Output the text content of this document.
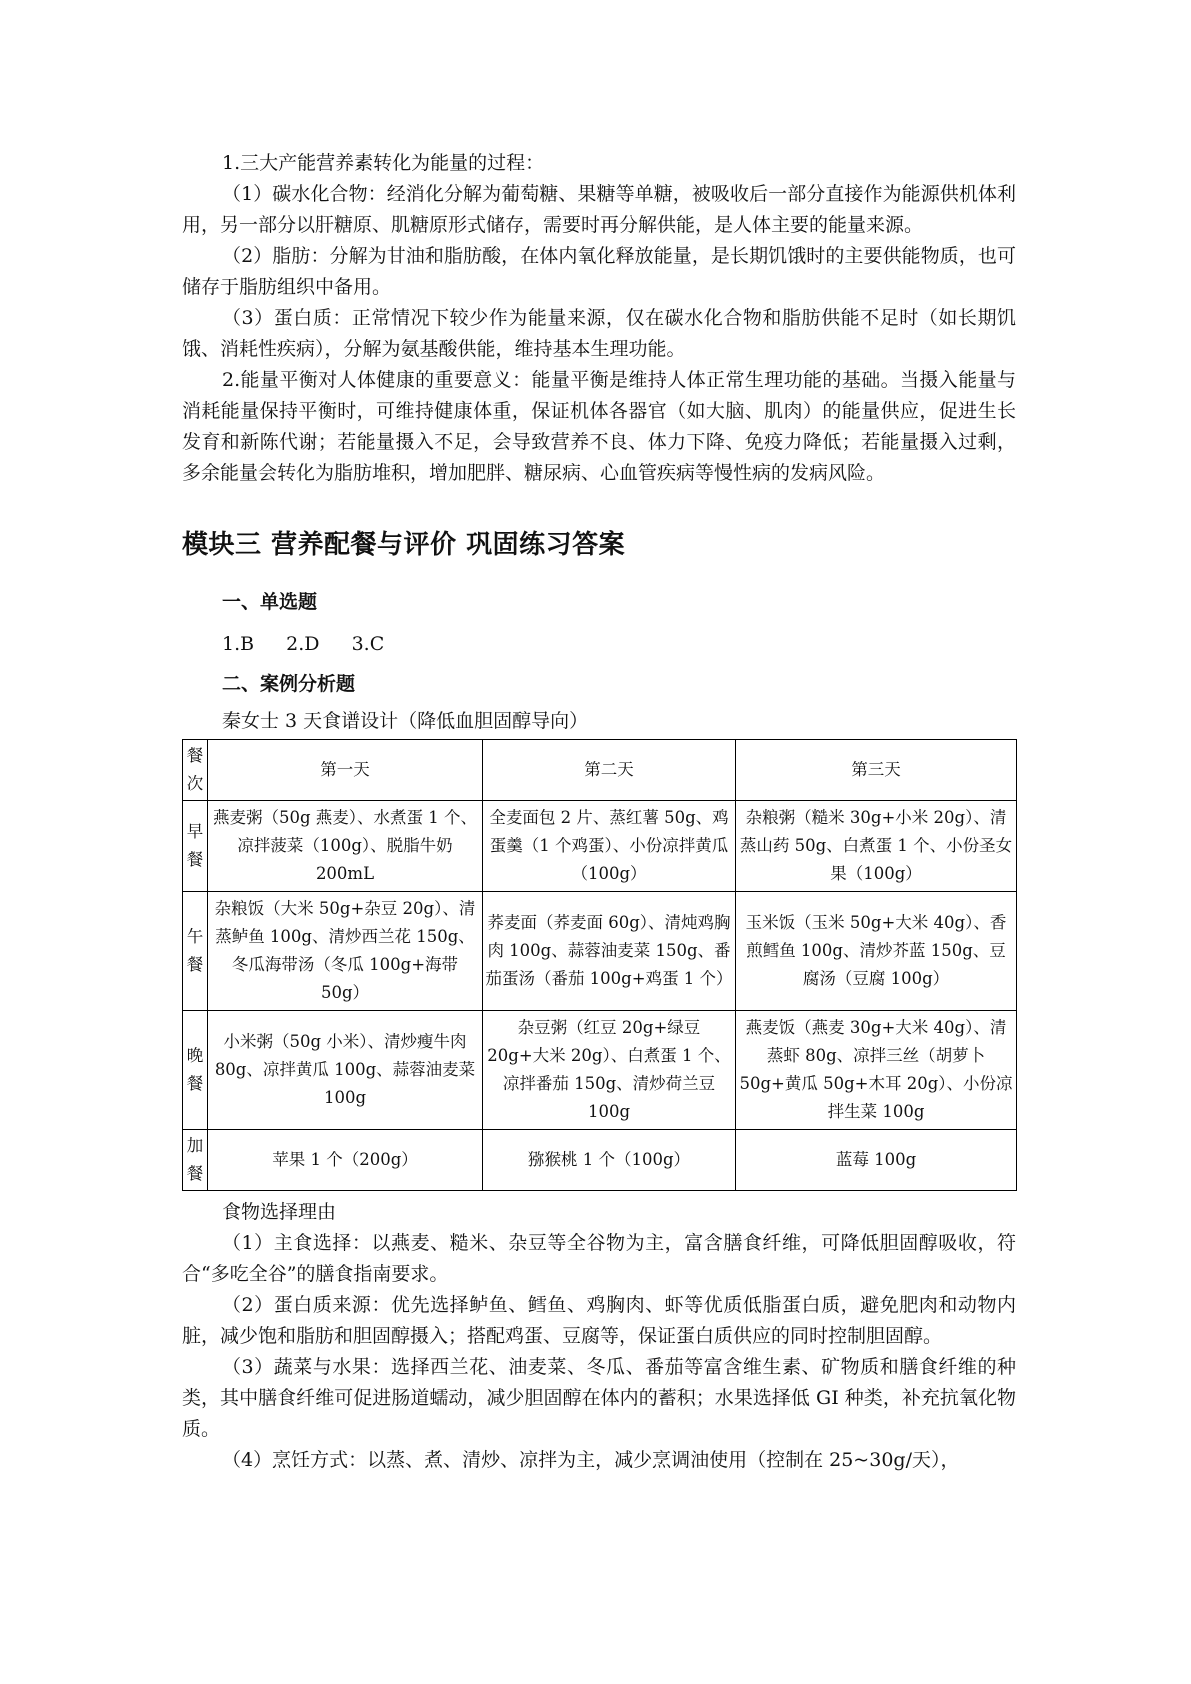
1.三大产能营养素转化为能量的过程：

（1）碳水化合物：经消化分解为葡萄糖、果糖等单糖，被吸收后一部分直接作为能源供机体利用，另一部分以肝糖原、肌糖原形式储存，需要时再分解供能，是人体主要的能量来源。

（2）脂肪：分解为甘油和脂肪酸，在体内氧化释放能量，是长期饥饿时的主要供能物质，也可储存于脂肪组织中备用。

（3）蛋白质：正常情况下较少作为能量来源，仅在碳水化合物和脂肪供能不足时（如长期饥饿、消耗性疾病），分解为氨基酸供能，维持基本生理功能。

2.能量平衡对人体健康的重要意义：能量平衡是维持人体正常生理功能的基础。当摄入能量与消耗能量保持平衡时，可维持健康体重，保证机体各器官（如大脑、肌肉）的能量供应，促进生长发育和新陈代谢；若能量摄入不足，会导致营养不良、体力下降、免疫力降低；若能量摄入过剩，多余能量会转化为脂肪堆积，增加肥胖、糖尿病、心血管疾病等慢性病的发病风险。

模块三 营养配餐与评价 巩固练习答案
一、单选题
1.B 2.D 3.C
二、案例分析题
秦女士 3 天食谱设计（降低血胆固醇导向）
餐次	第一天	第二天	第三天
早餐	燕麦粥（50g 燕麦）、水煮蛋 1 个、凉拌菠菜（100g）、脱脂牛奶 200mL	全麦面包 2 片、蒸红薯 50g、鸡蛋羹（1 个鸡蛋）、小份凉拌黄瓜（100g）	杂粮粥（糙米 30g+小米 20g）、清蒸山药 50g、白煮蛋 1 个、小份圣女果（100g）
午餐	杂粮饭（大米 50g+杂豆 20g）、清蒸鲈鱼 100g、清炒西兰花 150g、冬瓜海带汤（冬瓜 100g+海带 50g）	荞麦面（荞麦面 60g）、清炖鸡胸肉 100g、蒜蓉油麦菜 150g、番茄蛋汤（番茄 100g+鸡蛋 1 个）	玉米饭（玉米 50g+大米 40g）、香煎鳕鱼 100g、清炒芥蓝 150g、豆腐汤（豆腐 100g）
晚餐	小米粥（50g 小米）、清炒瘦牛肉 80g、凉拌黄瓜 100g、蒜蓉油麦菜 100g	杂豆粥（红豆 20g+绿豆 20g+大米 20g）、白煮蛋 1 个、凉拌番茄 150g、清炒荷兰豆 100g	燕麦饭（燕麦 30g+大米 40g）、清蒸虾 80g、凉拌三丝（胡萝卜 50g+黄瓜 50g+木耳 20g）、小份凉拌生菜 100g
加餐	苹果 1 个（200g）	猕猴桃 1 个（100g）	蓝莓 100g

食物选择理由

（1）主食选择：以燕麦、糙米、杂豆等全谷物为主，富含膳食纤维，可降低胆固醇吸收，符合“多吃全谷”的膳食指南要求。

（2）蛋白质来源：优先选择鲈鱼、鳕鱼、鸡胸肉、虾等优质低脂蛋白质，避免肥肉和动物内脏，减少饱和脂肪和胆固醇摄入；搭配鸡蛋、豆腐等，保证蛋白质供应的同时控制胆固醇。

（3）蔬菜与水果：选择西兰花、油麦菜、冬瓜、番茄等富含维生素、矿物质和膳食纤维的种类，其中膳食纤维可促进肠道蠕动，减少胆固醇在体内的蓄积；水果选择低 GI 种类，补充抗氧化物质。

（4）烹饪方式：以蒸、煮、清炒、凉拌为主，减少烹调油使用（控制在 25~30g/天），
